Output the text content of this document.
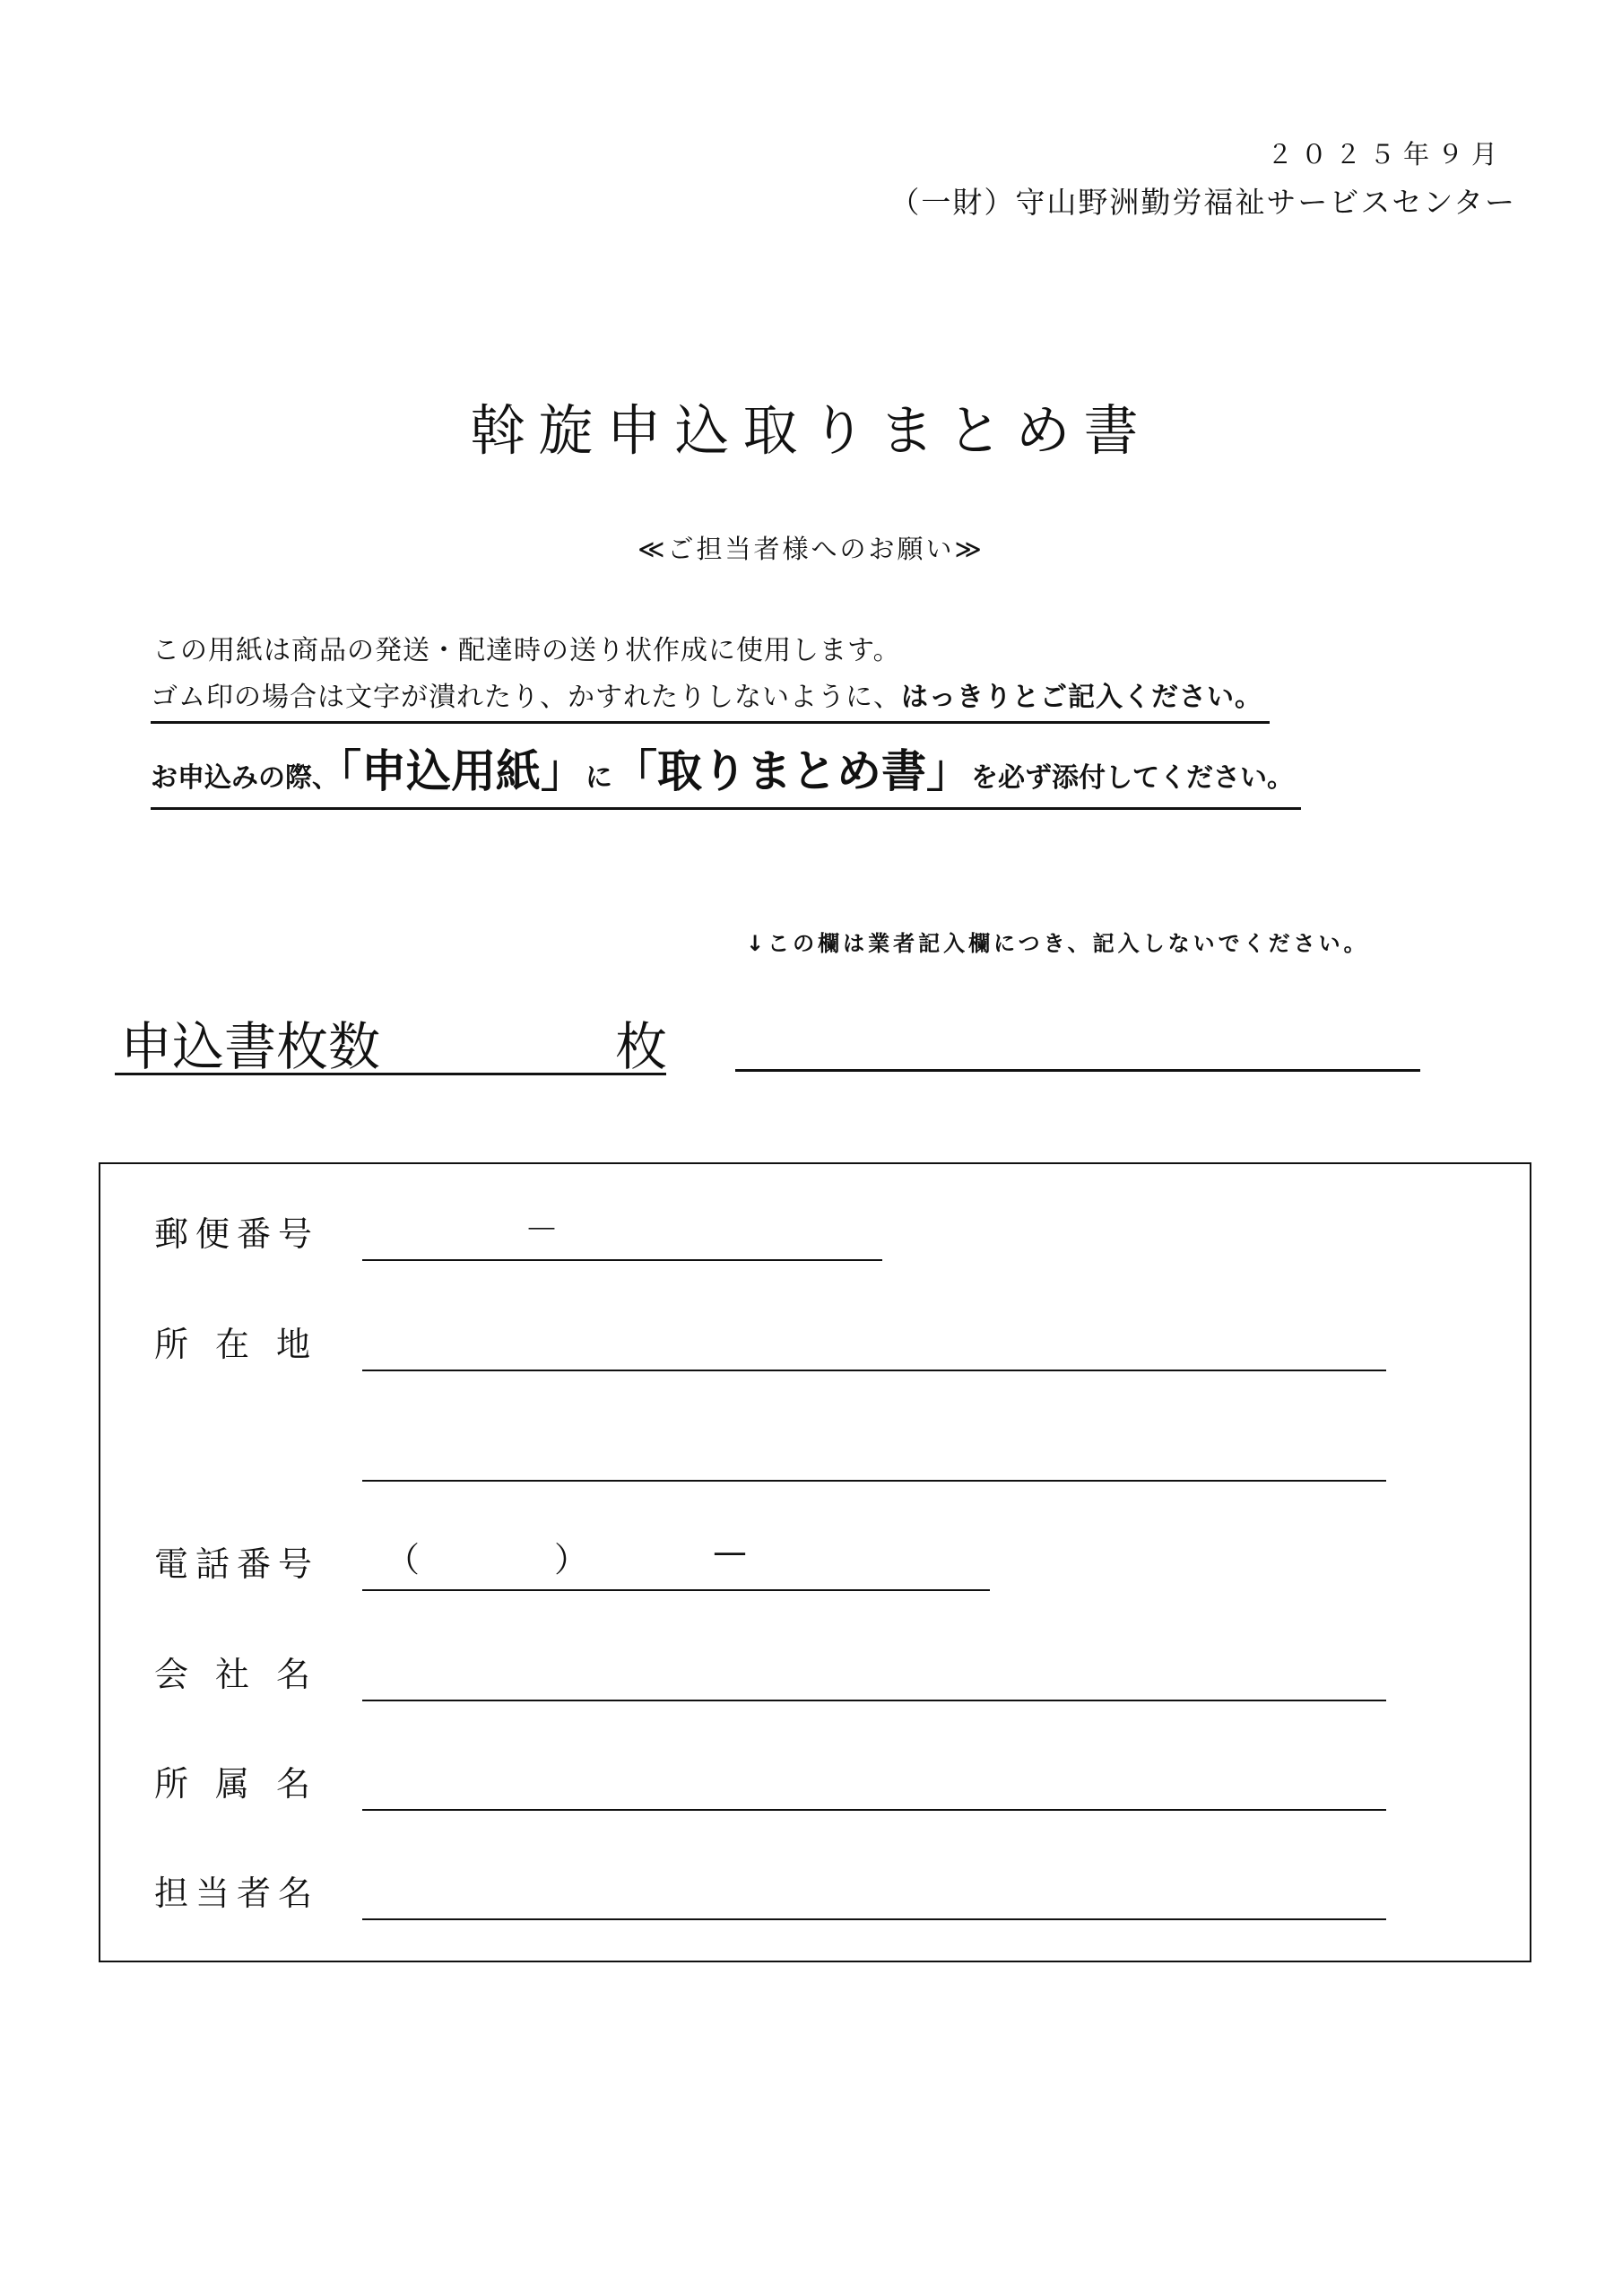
２０２５年９月
（一財）守山野洲勤労福祉サービスセンター
斡旋申込取りまとめ書
≪ご担当者様へのお願い≫
この用紙は商品の発送・配達時の送り状作成に使用します。
ゴム印の場合は文字が潰れたり、かすれたりしないように、はっきりとご記入ください。
お申込みの際、「申込用紙」に「取りまとめ書」を必ず添付してください。
↓この欄は業者記入欄につき、記入しないでください。
申込書枚数	枚
郵便番号	－
所在地
電話番号 （	）	—
会社名
所属名
担当者名
